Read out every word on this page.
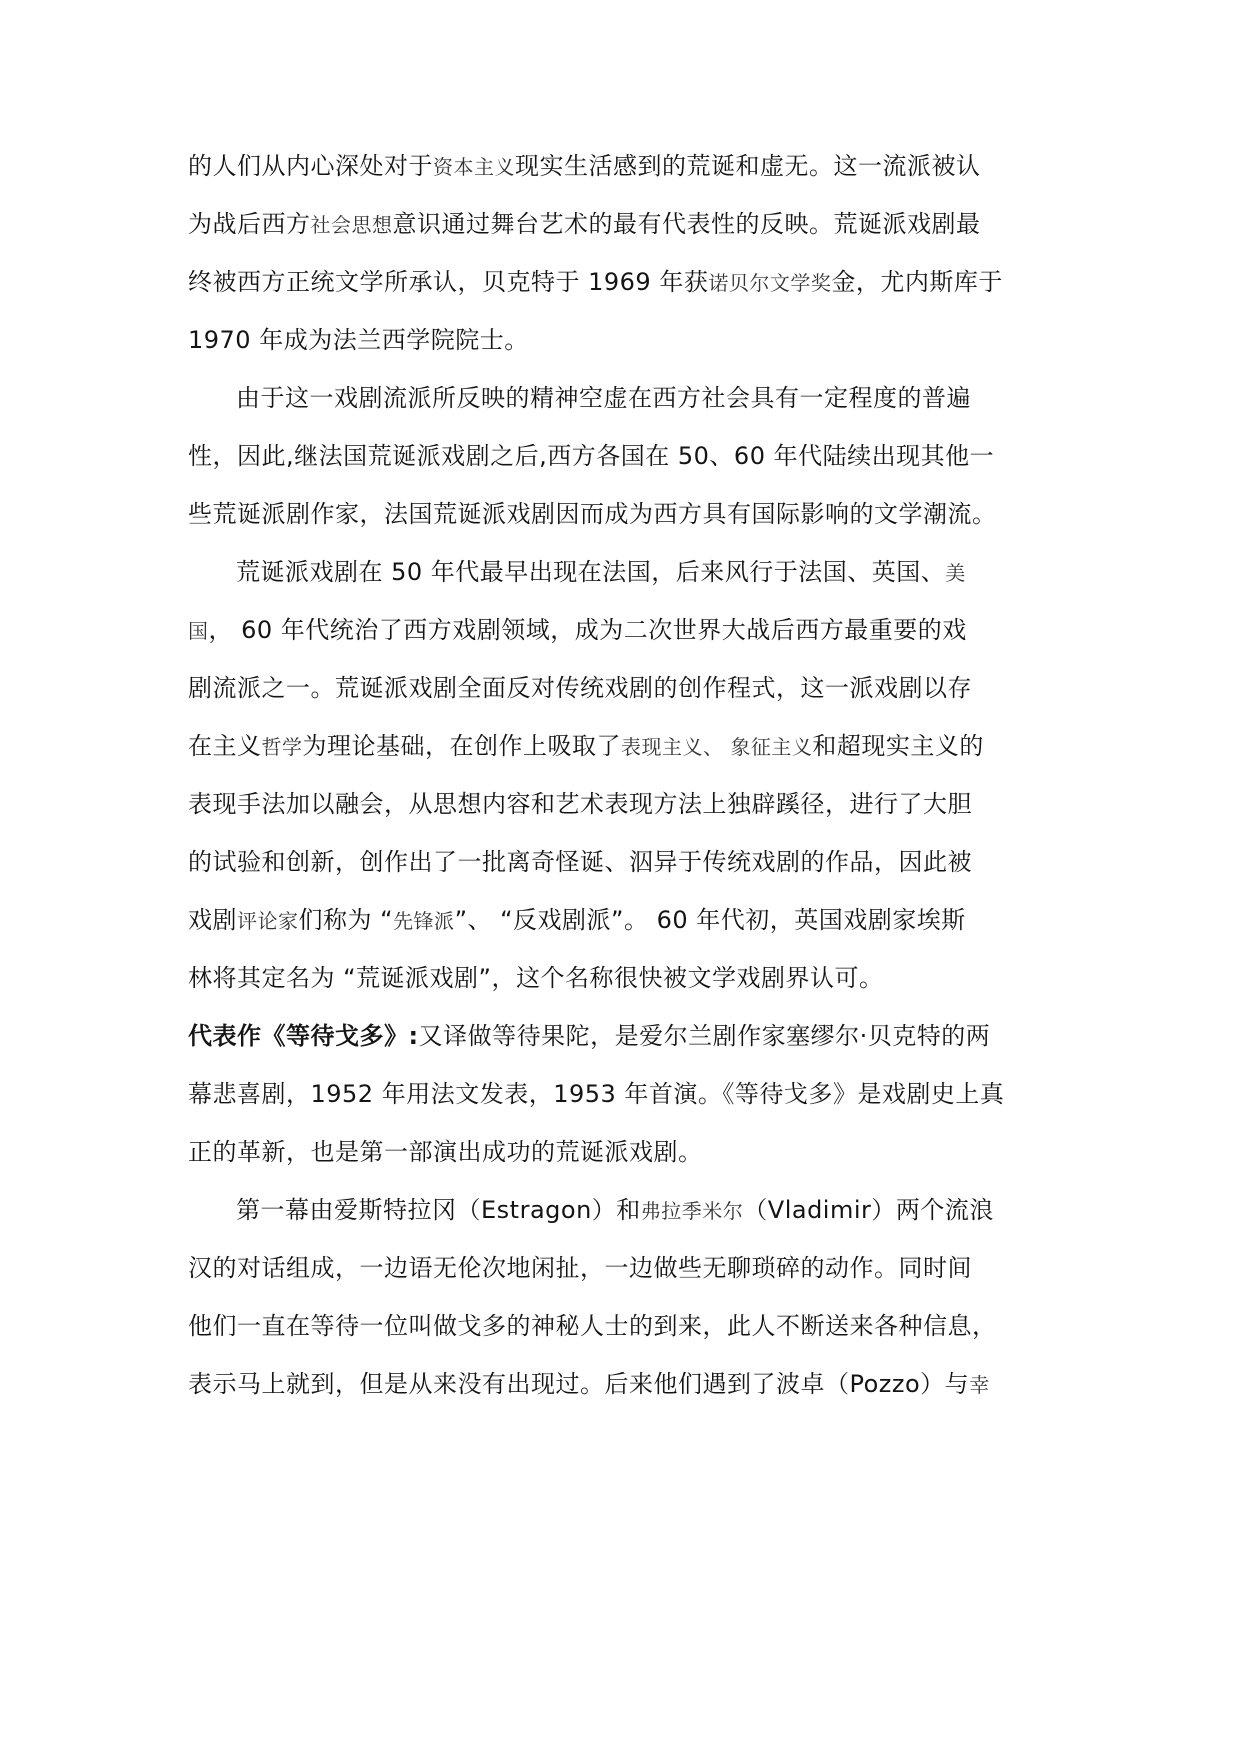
的人们从内心深处对于资本主义现实生活感到的荒诞和虚无。这一流派被认
为战后西方社会思想意识通过舞台艺术的最有代表性的反映。荒诞派戏剧最
终被西方正统文学所承认，贝克特于 1969 年获诺贝尔文学奖金，尤内斯库于
1970 年成为法兰西学院院士。
由于这一戏剧流派所反映的精神空虚在西方社会具有一定程度的普遍
性，因此,继法国荒诞派戏剧之后,西方各国在 50、60 年代陆续出现其他一
些荒诞派剧作家，法国荒诞派戏剧因而成为西方具有国际影响的文学潮流。
荒诞派戏剧在 50 年代最早出现在法国，后来风行于法国、英国、美
国， 60 年代统治了西方戏剧领域，成为二次世界大战后西方最重要的戏
剧流派之一。荒诞派戏剧全面反对传统戏剧的创作程式，这一派戏剧以存
在主义哲学为理论基础，在创作上吸取了表现主义、 象征主义和超现实主义的
表现手法加以融会，从思想内容和艺术表现方法上独辟蹊径，进行了大胆
的试验和创新，创作出了一批离奇怪诞、泅异于传统戏剧的作品，因此被
戏剧评论家们称为 “先锋派”、 “反戏剧派”。 60 年代初，英国戏剧家埃斯
林将其定名为 “荒诞派戏剧”，这个名称很快被文学戏剧界认可。
代表作《等待戈多》:又译做等待果陀，是爱尔兰剧作家塞缪尔·贝克特的两
幕悲喜剧，1952 年用法文发表，1953 年首演。《等待戈多》是戏剧史上真
正的革新，也是第一部演出成功的荒诞派戏剧。
第一幕由爱斯特拉冈（Estragon）和弗拉季米尔（Vladimir）两个流浪
汉的对话组成，一边语无伦次地闲扯，一边做些无聊琐碎的动作。同时间
他们一直在等待一位叫做戈多的神秘人士的到来，此人不断送来各种信息，
表示马上就到，但是从来没有出现过。后来他们遇到了波卓（Pozzo）与幸
